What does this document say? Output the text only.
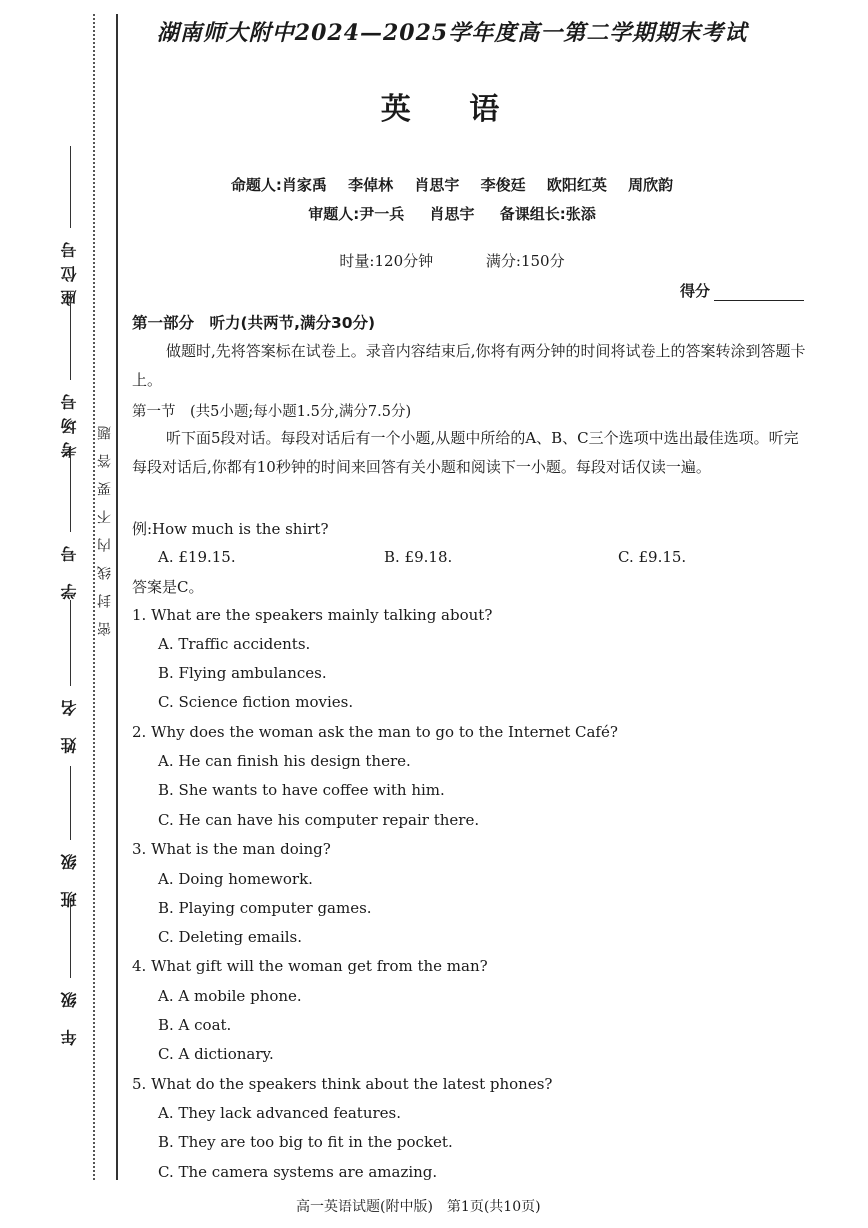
座位号
考场号
学 号
姓 名
班 级
年 级
密封线内不要答题
湖南师大附中2024—2025学年度高一第二学期期末考试
英 语
命题人:肖家禹 李倬林 肖思宇 李俊廷 欧阳红英 周欣韵
审题人:尹一兵 肖思宇 备课组长:张添
时量:120分钟	满分:150分
得分
第一部分　听力(共两节,满分30分)
做题时,先将答案标在试卷上。录音内容结束后,你将有两分钟的时间将试卷上的答案转涂到答题卡上。
第一节　(共5小题;每小题1.5分,满分7.5分)
听下面5段对话。每段对话后有一个小题,从题中所给的A、B、C三个选项中选出最佳选项。听完每段对话后,你都有10秒钟的时间来回答有关小题和阅读下一小题。每段对话仅读一遍。
例:How much is the shirt?
A. £19.15.	B. £9.18.	C. £9.15.
答案是C。
1. What are the speakers mainly talking about?
A. Traffic accidents.
B. Flying ambulances.
C. Science fiction movies.
2. Why does the woman ask the man to go to the Internet Café?
A. He can finish his design there.
B. She wants to have coffee with him.
C. He can have his computer repair there.
3. What is the man doing?
A. Doing homework.
B. Playing computer games.
C. Deleting emails.
4. What gift will the woman get from the man?
A. A mobile phone.
B. A coat.
C. A dictionary.
5. What do the speakers think about the latest phones?
A. They lack advanced features.
B. They are too big to fit in the pocket.
C. The camera systems are amazing.
高一英语试题(附中版)　第1页(共10页)
